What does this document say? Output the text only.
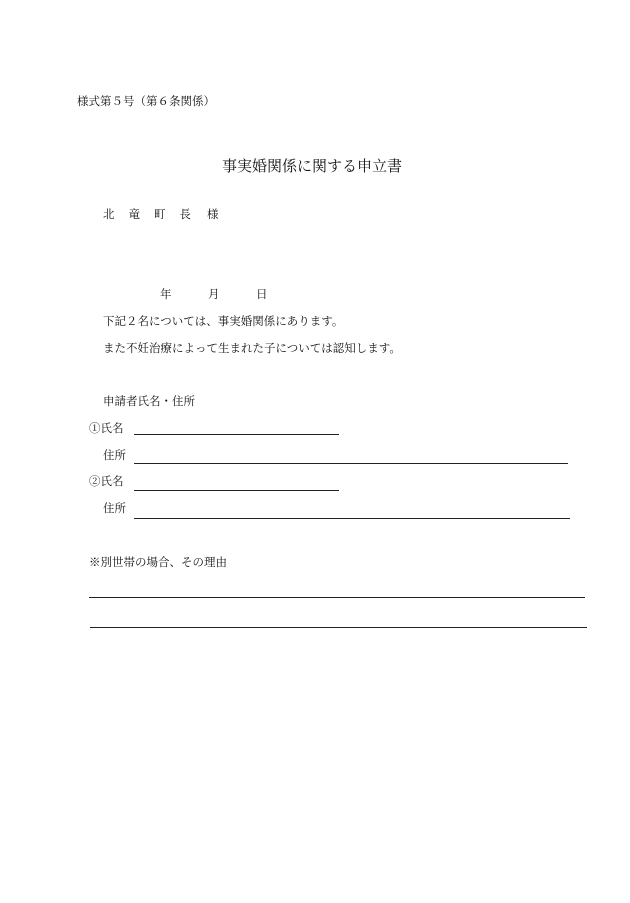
様式第５号（第６条関係）
事実婚関係に関する申立書
北竜町長 様
年	月	日
下記２名については、事実婚関係にあります。
また不妊治療によって生まれた子については認知します。
申請者氏名・住所
①氏名
住所
②氏名
住所
※別世帯の場合、その理由
